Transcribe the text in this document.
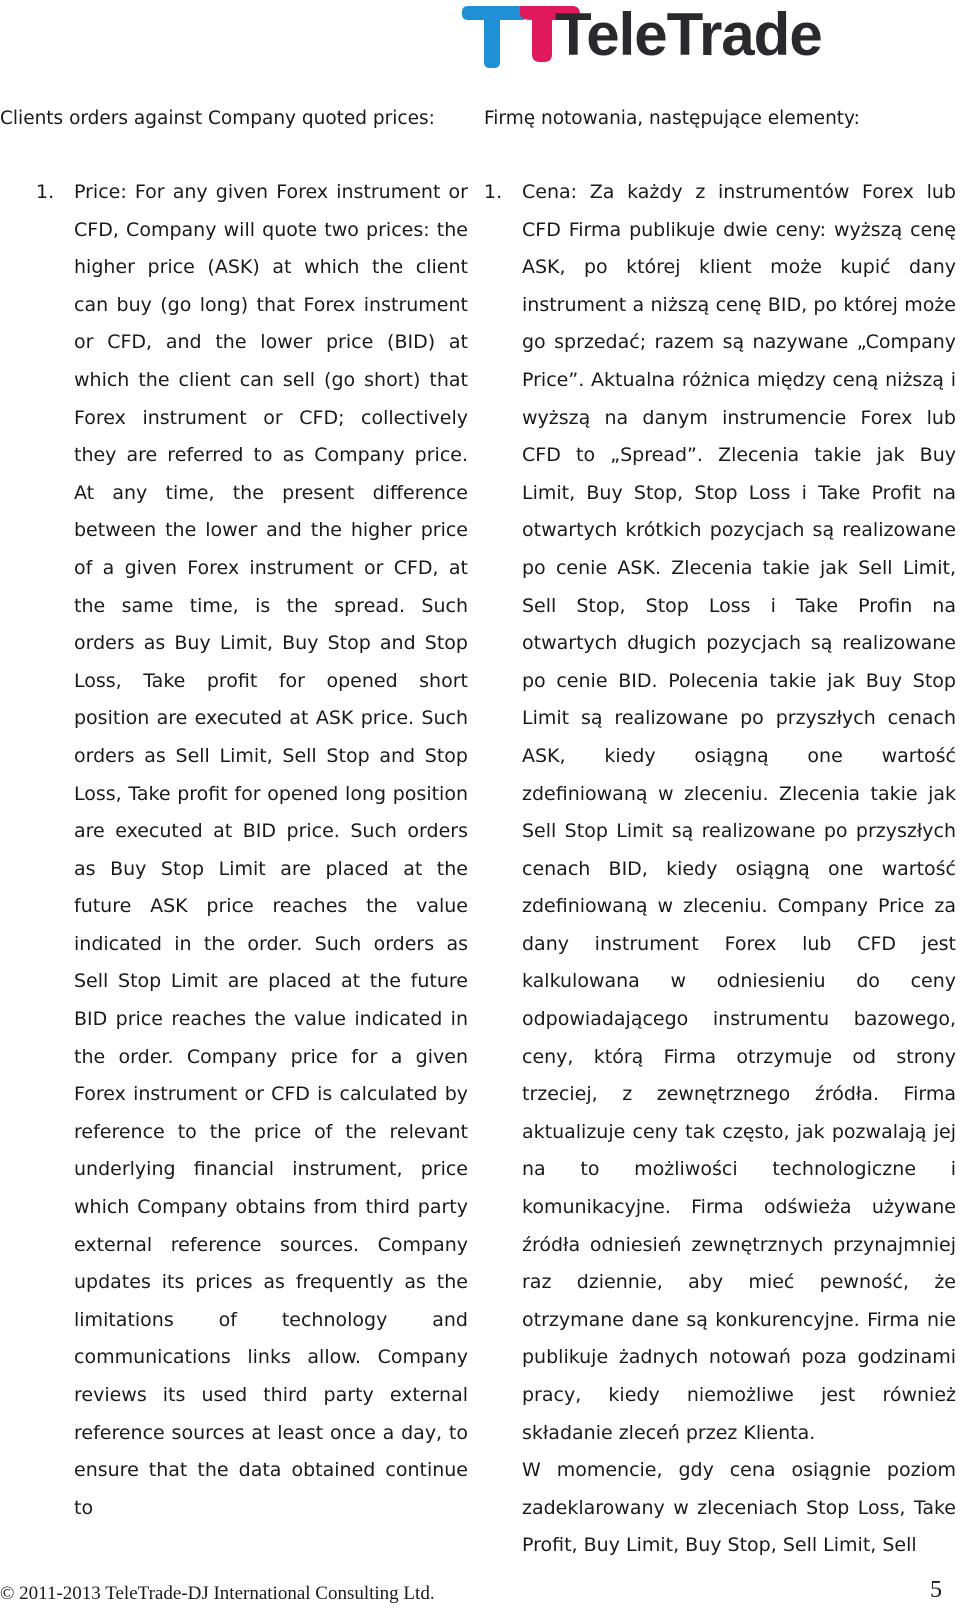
TeleTrade
Clients orders against Company quoted prices:	Firmę notowania, następujące elementy:
1. Price: For any given Forex instrument or CFD, Company will quote two prices: the higher price (ASK) at which the client can buy (go long) that Forex instrument or CFD, and the lower price (BID) at which the client can sell (go short) that Forex instrument or CFD; collectively they are referred to as Company price. At any time, the present difference between the lower and the higher price of a given Forex instrument or CFD, at the same time, is the spread. Such orders as Buy Limit, Buy Stop and Stop Loss, Take profit for opened short position are executed at ASK price. Such orders as Sell Limit, Sell Stop and Stop Loss, Take profit for opened long position are executed at BID price. Such orders as Buy Stop Limit are placed at the future ASK price reaches the value indicated in the order. Such orders as Sell Stop Limit are placed at the future BID price reaches the value indicated in the order. Company price for a given Forex instrument or CFD is calculated by reference to the price of the relevant underlying financial instrument, price which Company obtains from third party external reference sources. Company updates its prices as frequently as the limitations of technology and communications links allow. Company reviews its used third party external reference sources at least once a day, to ensure that the data obtained continue to

1. Cena: Za każdy z instrumentów Forex lub CFD Firma publikuje dwie ceny: wyższą cenę ASK, po której klient może kupić dany instrument a niższą cenę BID, po której może go sprzedać; razem są nazywane „Company Price”. Aktualna różnica między ceną niższą i wyższą na danym instrumencie Forex lub CFD to „Spread”. Zlecenia takie jak Buy Limit, Buy Stop, Stop Loss i Take Profit na otwartych krótkich pozycjach są realizowane po cenie ASK. Zlecenia takie jak Sell Limit, Sell Stop, Stop Loss i Take Profin na otwartych długich pozycjach są realizowane po cenie BID. Polecenia takie jak Buy Stop Limit są realizowane po przyszłych cenach ASK, kiedy osiągną one wartość zdefiniowaną w zleceniu. Zlecenia takie jak Sell Stop Limit są realizowane po przyszłych cenach BID, kiedy osiągną one wartość zdefiniowaną w zleceniu. Company Price za dany instrument Forex lub CFD jest kalkulowana w odniesieniu do ceny odpowiadającego instrumentu bazowego, ceny, którą Firma otrzymuje od strony trzeciej, z zewnętrznego źródła. Firma aktualizuje ceny tak często, jak pozwalają jej na to możliwości technologiczne i komunikacyjne. Firma odświeża używane źródła odniesień zewnętrznych przynajmniej raz dziennie, aby mieć pewność, że otrzymane dane są konkurencyjne. Firma nie publikuje żadnych notowań poza godzinami pracy, kiedy niemożliwe jest również składanie zleceń przez Klienta.

W momencie, gdy cena osiągnie poziom zadeklarowany w zleceniach Stop Loss, Take Profit, Buy Limit, Buy Stop, Sell Limit, Sell

© 2011-2013 TeleTrade-DJ International Consulting Ltd.	5
